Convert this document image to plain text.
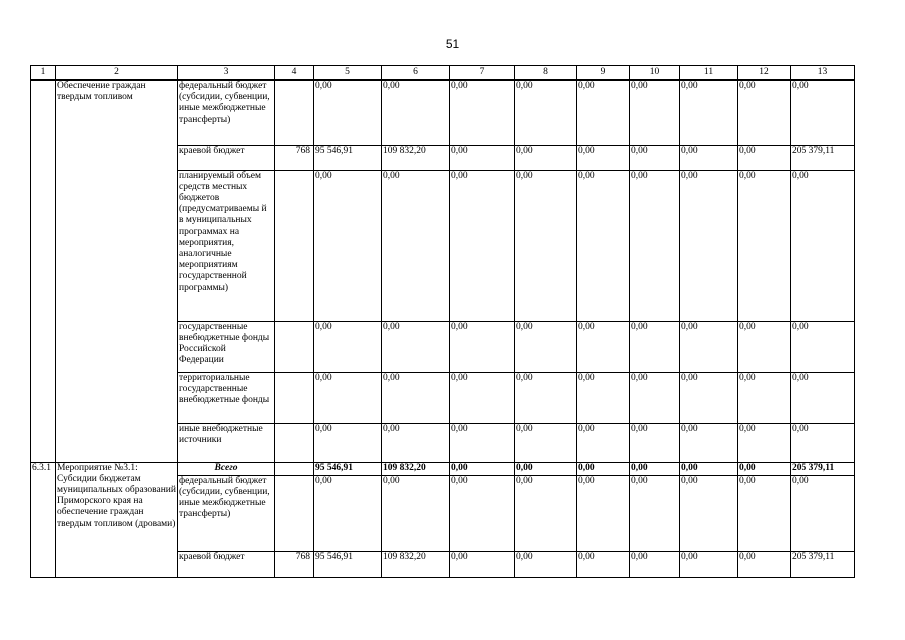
51
1	2	3	4	5	6	7	8	9	10	11	12	13
	Обеспечение граждан твердым топливом	федеральный бюджет (субсидии, субвенции, иные межбюджетные трансферты)		0,00	0,00	0,00	0,00	0,00	0,00	0,00	0,00	0,00
		краевой бюджет	768	95 546,91	109 832,20	0,00	0,00	0,00	0,00	0,00	0,00	205 379,11
		планируемый объем средств местных бюджетов (предусматриваемы й в муниципальных программах на мероприятия, аналогичные мероприятиям государственной программы)		0,00	0,00	0,00	0,00	0,00	0,00	0,00	0,00	0,00
		государственные внебюджетные фонды Российской Федерации		0,00	0,00	0,00	0,00	0,00	0,00	0,00	0,00	0,00
		территориальные государственные внебюджетные фонды		0,00	0,00	0,00	0,00	0,00	0,00	0,00	0,00	0,00
		иные внебюджетные источники		0,00	0,00	0,00	0,00	0,00	0,00	0,00	0,00	0,00
6.3.1	Мероприятие №3.1: Субсидии бюджетам муниципальных образований Приморского края на обеспечение граждан твердым топливом (дровами)	Всего		95 546,91	109 832,20	0,00	0,00	0,00	0,00	0,00	0,00	205 379,11
		федеральный бюджет (субсидии, субвенции, иные межбюджетные трансферты)		0,00	0,00	0,00	0,00	0,00	0,00	0,00	0,00	0,00
		краевой бюджет	768	95 546,91	109 832,20	0,00	0,00	0,00	0,00	0,00	0,00	205 379,11
